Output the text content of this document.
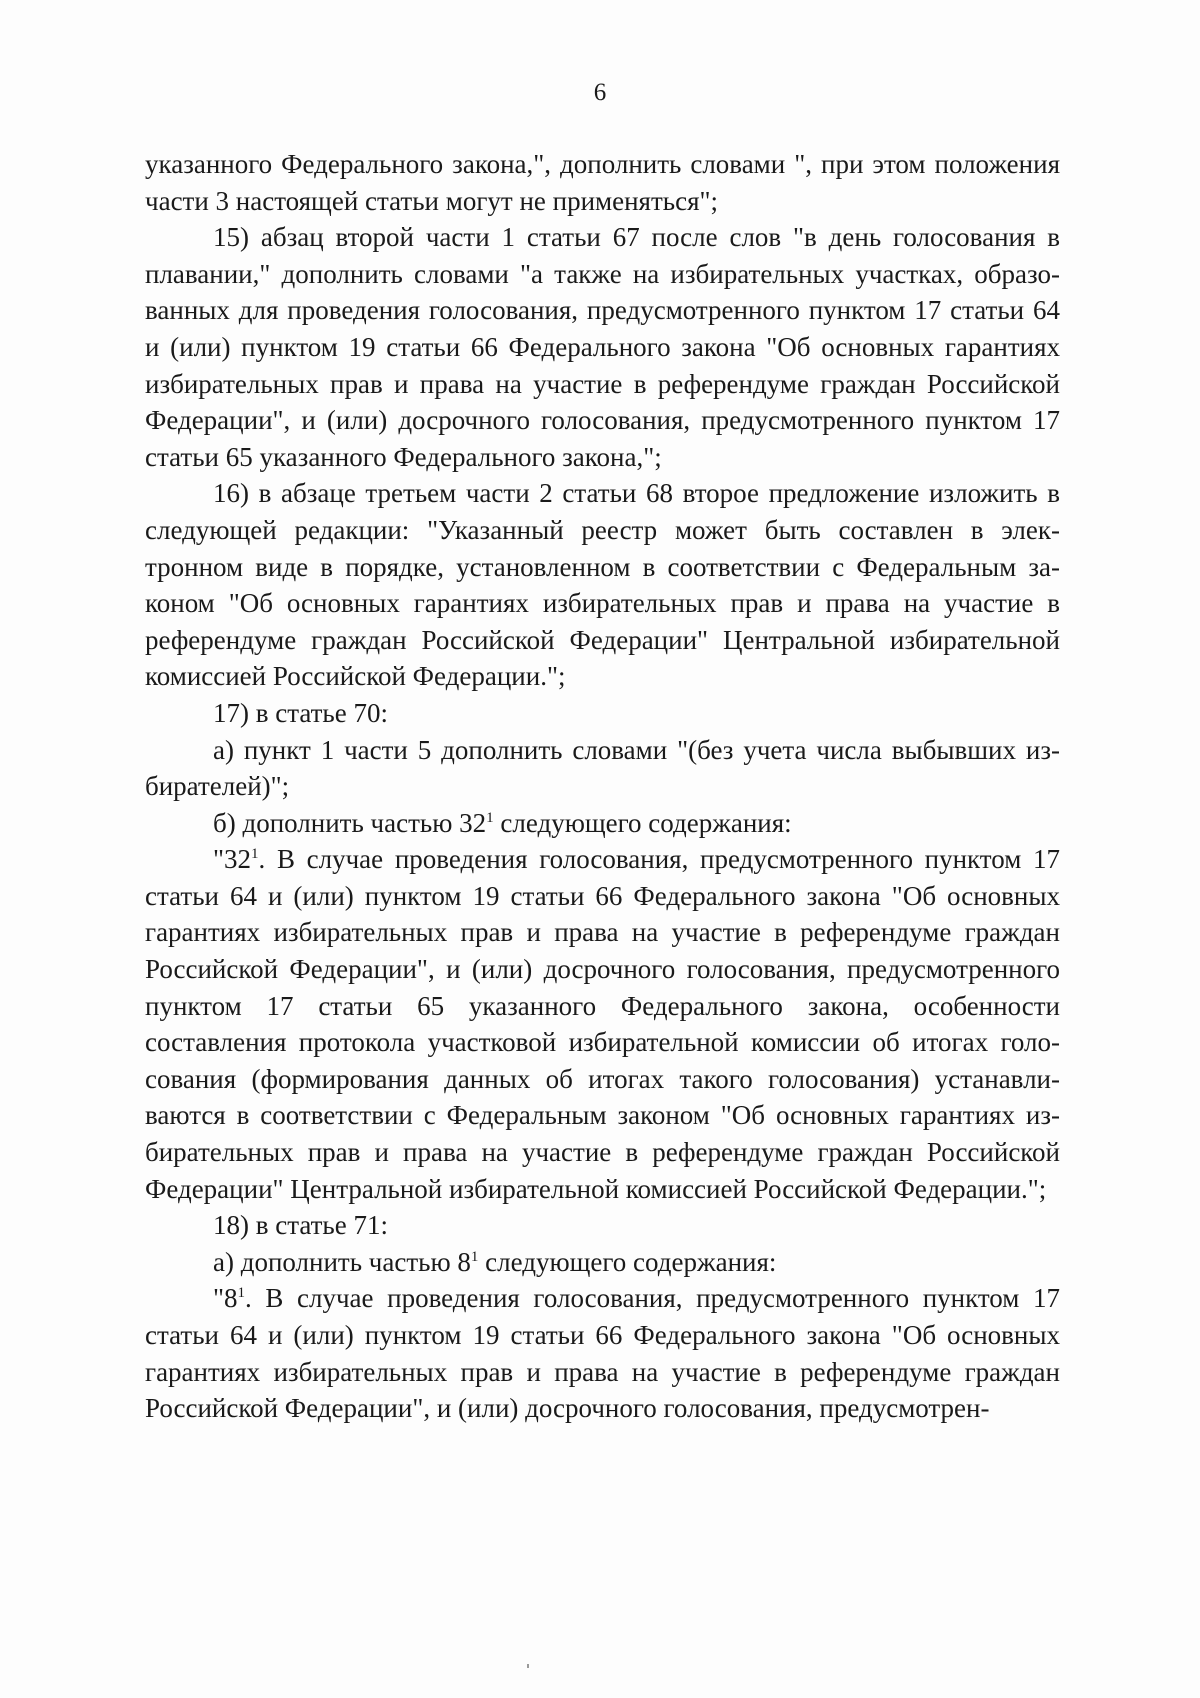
6

указанного Федерального закона,", дополнить словами ", при этом положения части 3 настоящей статьи могут не применяться";

15) абзац второй части 1 статьи 67 после слов "в день голосования в плавании," дополнить словами "а также на избирательных участках, образованных для проведения голосования, предусмотренного пунктом 17 статьи 64 и (или) пунктом 19 статьи 66 Федерального закона "Об основных гарантиях избирательных прав и права на участие в референдуме граждан Российской Федерации", и (или) досрочного голосования, предусмотренного пунктом 17 статьи 65 указанного Федерального закона,";

16) в абзаце третьем части 2 статьи 68 второе предложение изложить в следующей редакции: "Указанный реестр может быть составлен в электронном виде в порядке, установленном в соответствии с Федеральным законом "Об основных гарантиях избирательных прав и права на участие в референдуме граждан Российской Федерации" Центральной избирательной комиссией Российской Федерации.";

17) в статье 70:

а) пункт 1 части 5 дополнить словами "(без учета числа выбывших избирателей)";

б) дополнить частью $32^1$ следующего содержания:

"$32^1$. В случае проведения голосования, предусмотренного пунктом 17 статьи 64 и (или) пунктом 19 статьи 66 Федерального закона "Об основных гарантиях избирательных прав и права на участие в референдуме граждан Российской Федерации", и (или) досрочного голосования, предусмотренного пунктом 17 статьи 65 указанного Федерального закона, особенности составления протокола участковой избирательной комиссии об итогах голосования (формирования данных об итогах такого голосования) устанавливаются в соответствии с Федеральным законом "Об основных гарантиях избирательных прав и права на участие в референдуме граждан Российской Федерации" Центральной избирательной комиссией Российской Федерации.";

18) в статье 71:

а) дополнить частью $8^1$ следующего содержания:

"$8^1$. В случае проведения голосования, предусмотренного пунктом 17 статьи 64 и (или) пунктом 19 статьи 66 Федерального закона "Об основных гарантиях избирательных прав и права на участие в референдуме граждан Российской Федерации", и (или) досрочного голосования, предусмотрен-
